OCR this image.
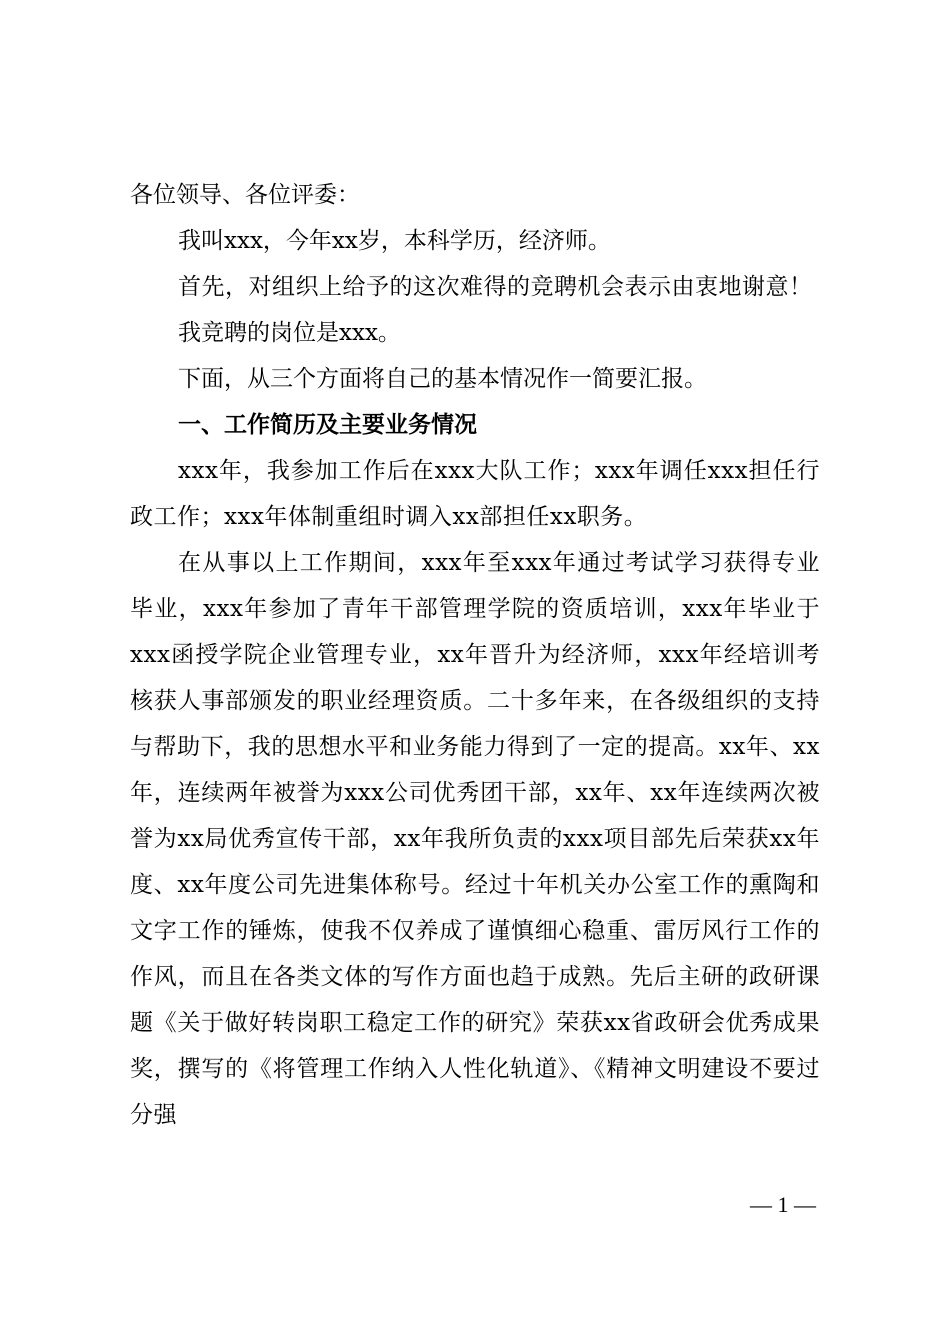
各位领导、各位评委：

我叫xxx，今年xx岁，本科学历，经济师。

首先，对组织上给予的这次难得的竞聘机会表示由衷地谢意！

我竞聘的岗位是xxx。

下面，从三个方面将自己的基本情况作一简要汇报。

一、工作简历及主要业务情况

xxx年，我参加工作后在xxx大队工作；xxx年调任xxx担任行政工作；xxx年体制重组时调入xx部担任xx职务。

在从事以上工作期间，xxx年至xxx年通过考试学习获得专业毕业，xxx年参加了青年干部管理学院的资质培训，xxx年毕业于xxx函授学院企业管理专业，xx年晋升为经济师，xxx年经培训考核获人事部颁发的职业经理资质。二十多年来，在各级组织的支持与帮助下，我的思想水平和业务能力得到了一定的提高。xx年、xx年，连续两年被誉为xxx公司优秀团干部，xx年、xx年连续两次被誉为xx局优秀宣传干部，xx年我所负责的xxx项目部先后荣获xx年度、xx年度公司先进集体称号。经过十年机关办公室工作的熏陶和文字工作的锤炼，使我不仅养成了谨慎细心稳重、雷厉风行工作的作风，而且在各类文体的写作方面也趋于成熟。先后主研的政研课题《关于做好转岗职工稳定工作的研究》荣获xx省政研会优秀成果奖，撰写的《将管理工作纳入人性化轨道》、《精神文明建设不要过分强

— 1 —
